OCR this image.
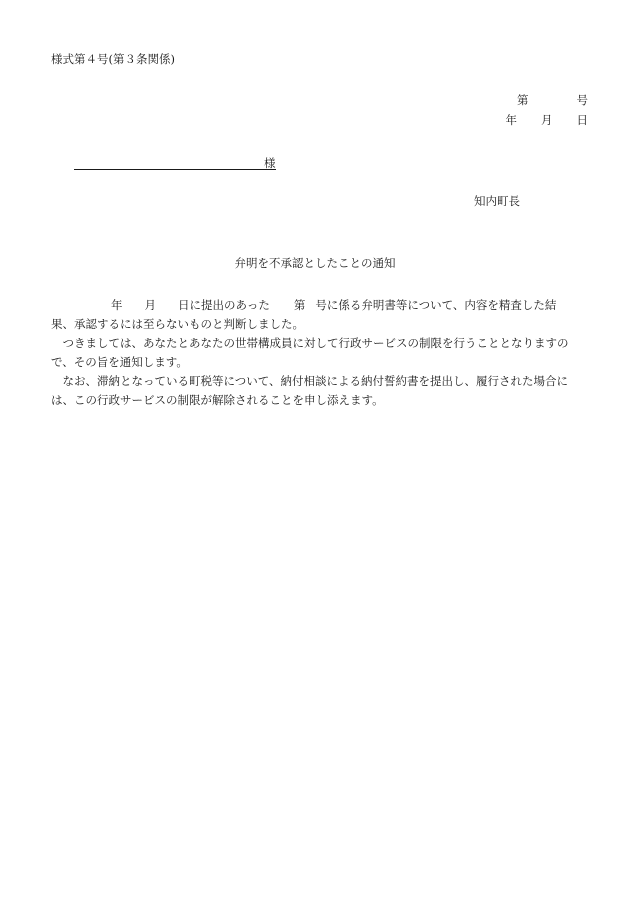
様式第４号(第３条関係)
第	号
年 月 日
様
知内町長
弁明を不承認としたことの通知

年 月 日に提出のあった 第 号に係る弁明書等について、内容を精査した結

果、承認するには至らないものと判断しました。

つきましては、あなたとあなたの世帯構成員に対して行政サービスの制限を行うこととなりますので、その旨を通知します。

なお、滞納となっている町税等について、納付相談による納付誓約書を提出し、履行された場合には、この行政サービスの制限が解除されることを申し添えます。
